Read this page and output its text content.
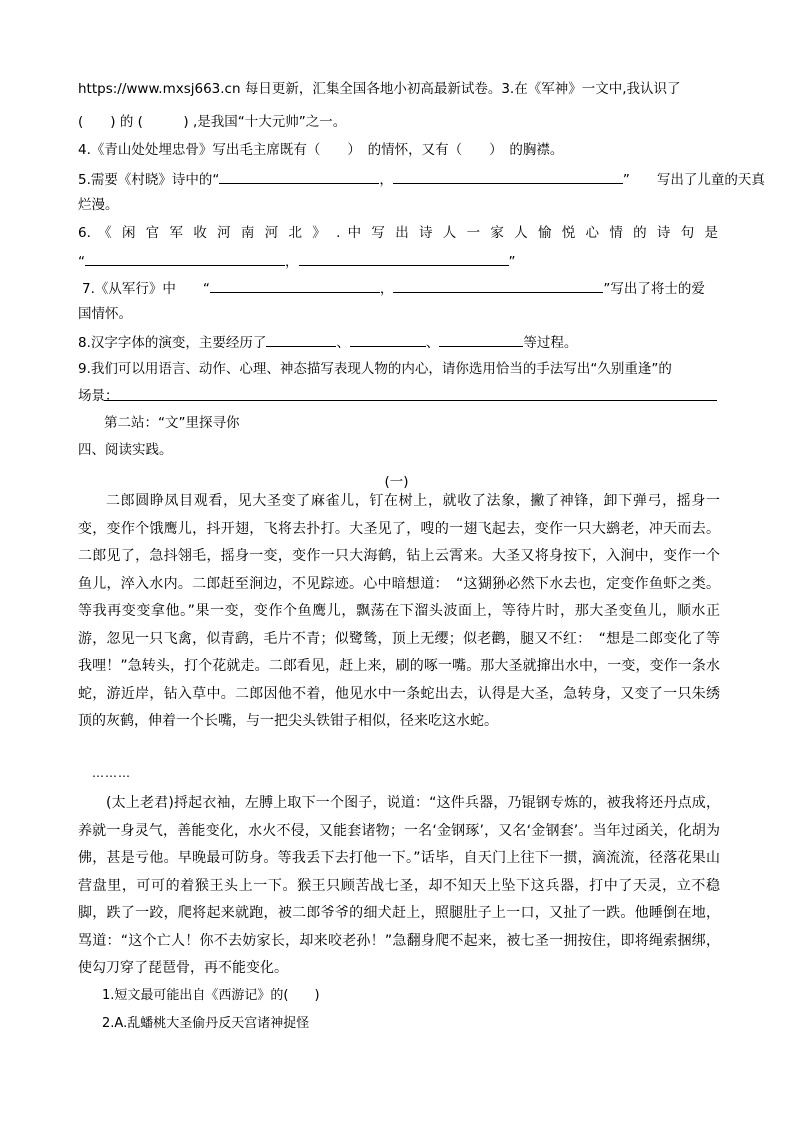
https://www.mxsj663.cn 每日更新，汇集全国各地小初高最新试卷。3.在《军神》一文中,我认识了
(　　) 的 (　　　) ,是我国“十大元帅”之一。
4.《青山处处埋忠骨》写出毛主席既有（　　）　的情怀，又有（　　）　的胸襟。
5.需要《村晓》诗中的“	，	”　　写出了儿童的天真
烂漫。
6. 《 闲 官 军 收 河 南 河 北 》 . 中 写 出 诗 人 一 家 人 愉 悦 心 情 的 诗 句 是
“	，	”
7.《从军行》中　　“	，	”写出了将士的爱
国情怀。
8.汉字字体的演变，主要经历了	、	、	等过程。
9.我们可以用语言、动作、心理、神态描写表现人物的内心，请你选用恰当的手法写出“久别重逢”的
场景：
第二站：“文”里探寻你
四、阅读实践。
(一)
二郎圆睁凤目观看，见大圣变了麻雀儿，钉在树上，就收了法象，撇了神锋，卸下弹弓，摇身一变，变作个饿鹰儿，抖开翅，飞将去扑打。大圣见了，嗖的一翅飞起去，变作一只大鹚老，冲天而去。二郎见了，急抖翎毛，摇身一变，变作一只大海鹤，钻上云霄来。大圣又将身按下，入涧中，变作一个鱼儿，淬入水内。二郎赶至涧边，不见踪迹。心中暗想道：　“这猢狲必然下水去也，定变作鱼虾之类。等我再变变拿他。”果一变，变作个鱼鹰儿，飘荡在下溜头波面上，等待片时，那大圣变鱼儿，顺水正游，忽见一只飞禽，似青鹞，毛片不青；似鹭鸶，顶上无缨；似老鹳，腿又不红：　“想是二郎变化了等我哩！”急转头，打个花就走。二郎看见，赶上来，刷的啄一嘴。那大圣就撺出水中，一变，变作一条水蛇，游近岸，钻入草中。二郎因他不着，他见水中一条蛇出去，认得是大圣，急转身，又变了一只朱绣顶的灰鹤，伸着一个长嘴，与一把尖头铁钳子相似，径来吃这水蛇。
………
(太上老君)捋起衣袖，左膊上取下一个图子，说道：“这件兵器，乃锟钢专炼的，被我将还丹点成，养就一身灵气，善能变化，水火不侵，又能套诸物；一名‘金钢琢’，又名‘金钢套’。当年过函关，化胡为佛，甚是亏他。早晚最可防身。等我丢下去打他一下。”话毕，自天门上往下一掼，滴流流，径落花果山营盘里，可可的着猴王头上一下。猴王只顾苦战七圣，却不知天上坠下这兵器，打中了天灵，立不稳脚，跌了一跤，爬将起来就跑，被二郎爷爷的细犬赶上，照腿肚子上一口，又扯了一跌。他睡倒在地，骂道：“这个亡人！你不去妨家长，却来咬老孙！”急翻身爬不起来，被七圣一拥按住，即将绳索捆绑，使勾刀穿了琵琶骨，再不能变化。
1.短文最可能出自《西游记》的(　　)
2.A.乱蟠桃大圣偷丹反天宫诸神捉怪
